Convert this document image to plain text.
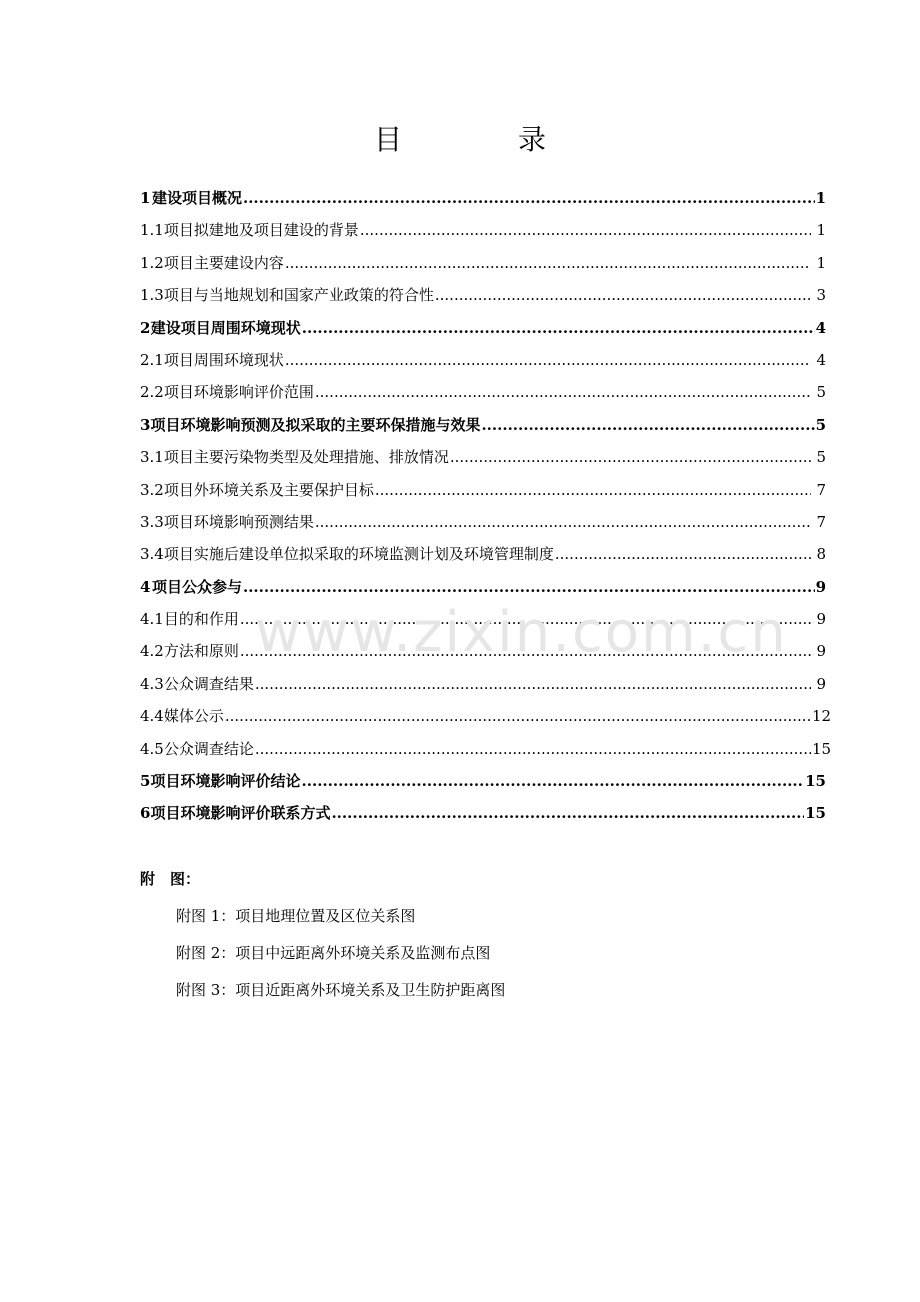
目　录
1 建设项目概况 .....	1
1.1 项目拟建地及项目建设的背景 .....	1
1.2 项目主要建设内容 .....	1
1.3 项目与当地规划和国家产业政策的符合性 .....	3
2 建设项目周围环境现状 .....	4
2.1 项目周围环境现状 .....	4
2.2 项目环境影响评价范围 .....	5
3 项目环境影响预测及拟采取的主要环保措施与效果 .....	5
3.1 项目主要污染物类型及处理措施、排放情况 .....	5
3.2 项目外环境关系及主要保护目标 .....	7
3.3 项目环境影响预测结果 .....	7
3.4 项目实施后建设单位拟采取的环境监测计划及环境管理制度 .....	8
4 项目公众参与 .....	9
4.1 目的和作用 .....	9
4.2 方法和原则 .....	9
4.3 公众调查结果 .....	9
4.4 媒体公示 .....	12
4.5 公众调查结论 .....	15
5 项目环境影响评价结论 .....	15
6 项目环境影响评价联系方式 .....	15
附　图：
附图 1：项目地理位置及区位关系图
附图 2：项目中远距离外环境关系及监测布点图
附图 3：项目近距离外环境关系及卫生防护距离图
www.zixin.com.cn
